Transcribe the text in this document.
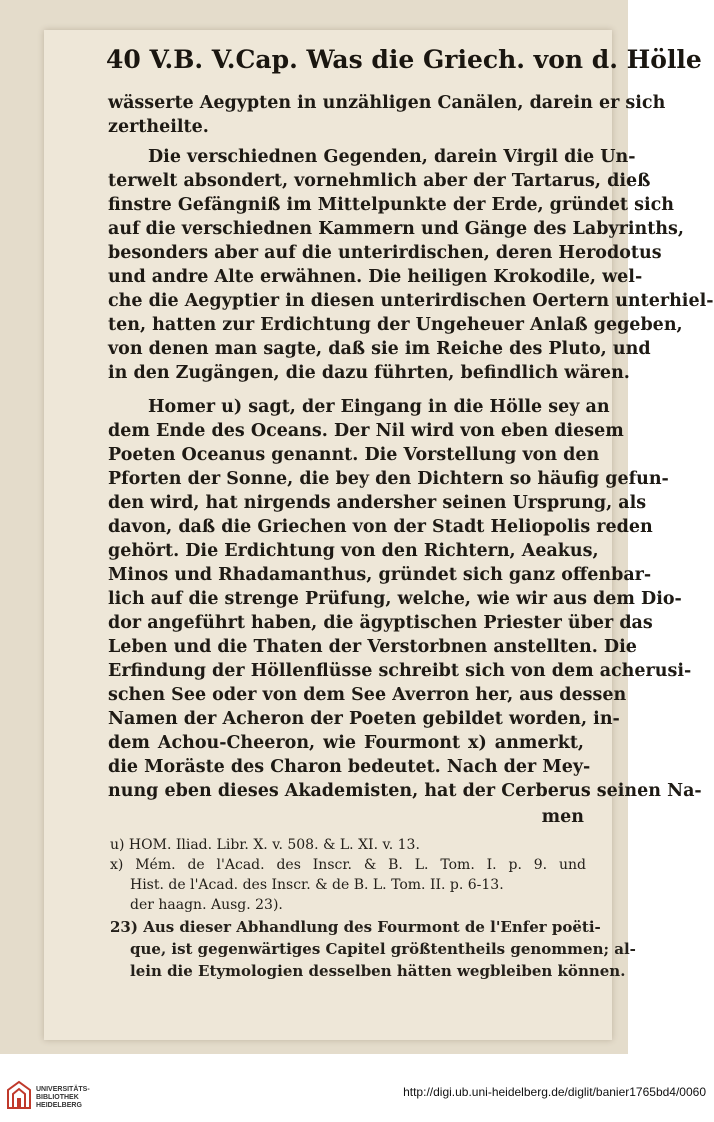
40 V.B. V.Cap. Was die Griech. von d. Hölle
wässerte Aegypten in unzähligen Canälen, darein er sich
zertheilte.
Die verschiednen Gegenden, darein Virgil die Un-
terwelt absondert, vornehmlich aber der Tartarus, dieß
finstre Gefängniß im Mittelpunkte der Erde, gründet sich
auf die verschiednen Kammern und Gänge des Labyrinths,
besonders aber auf die unterirdischen, deren Herodotus
und andre Alte erwähnen. Die heiligen Krokodile, wel-
che die Aegyptier in diesen unterirdischen Oertern unterhiel-
ten, hatten zur Erdichtung der Ungeheuer Anlaß gegeben,
von denen man sagte, daß sie im Reiche des Pluto, und
in den Zugängen, die dazu führten, befindlich wären.
Homer u) sagt, der Eingang in die Hölle sey an
dem Ende des Oceans. Der Nil wird von eben diesem
Poeten Oceanus genannt. Die Vorstellung von den
Pforten der Sonne, die bey den Dichtern so häufig gefun-
den wird, hat nirgends andersher seinen Ursprung, als
davon, daß die Griechen von der Stadt Heliopolis reden
gehört. Die Erdichtung von den Richtern, Aeakus,
Minos und Rhadamanthus, gründet sich ganz offenbar-
lich auf die strenge Prüfung, welche, wie wir aus dem Dio-
dor angeführt haben, die ägyptischen Priester über das
Leben und die Thaten der Verstorbnen anstellten. Die
Erfindung der Höllenflüsse schreibt sich von dem acherusi-
schen See oder von dem See Averron her, aus dessen
Namen der Acheron der Poeten gebildet worden, in-
dem Achou-Cheeron, wie Fourmont x) anmerkt,
die Moräste des Charon bedeutet. Nach der Mey-
nung eben dieses Akademisten, hat der Cerberus seinen Na-
men
u) HOM. Iliad. Libr. X. v. 508. & L. XI. v. 13.
x) Mém. de l'Acad. des Inscr. & B. L. Tom. I. p. 9. und
Hist. de l'Acad. des Inscr. & de B. L. Tom. II. p. 6-13.
der haagn. Ausg. 23).
23) Aus dieser Abhandlung des Fourmont de l'Enfer poëti-
que, ist gegenwärtiges Capitel größtentheils genommen; al-
lein die Etymologien desselben hätten wegbleiben können.
UNIVERSITÄTS-
BIBLIOTHEK
HEIDELBERG
http://digi.ub.uni-heidelberg.de/diglit/banier1765bd4/0060
